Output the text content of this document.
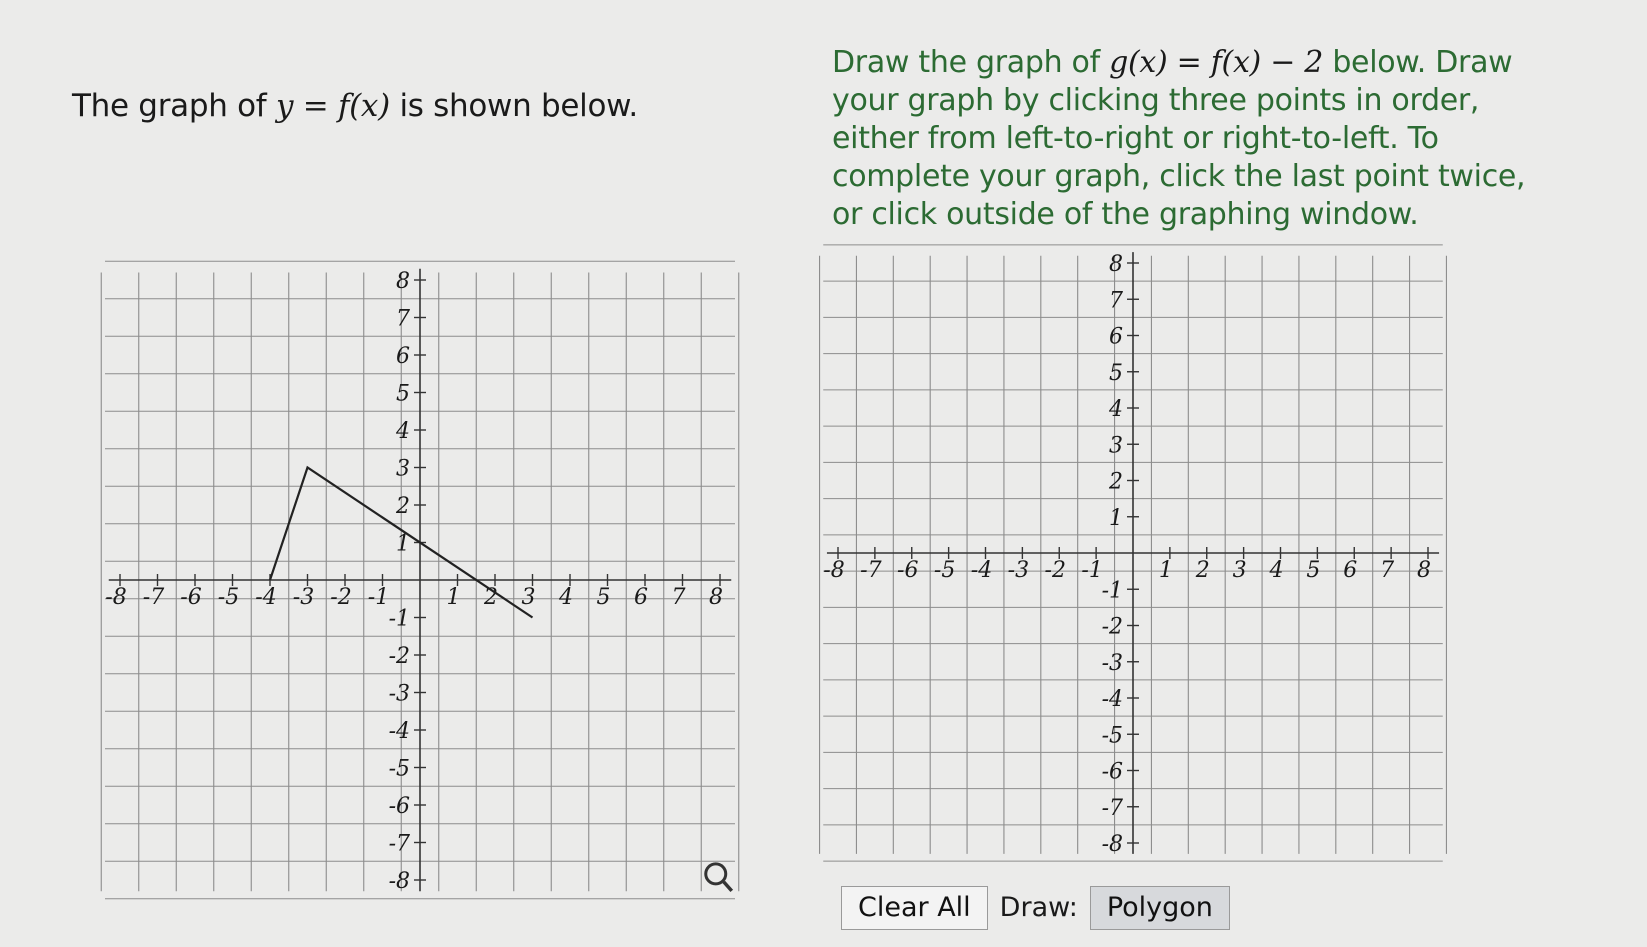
The graph of y = f(x) is shown below.
Draw the graph of g(x) = f(x) − 2 below. Draw your graph by clicking three points in order, either from left-to-right or right-to-left. To complete your graph, click the last point twice, or click outside of the graphing window.
-8 -7 -6 -5 -4 -3 -2 -1	1 2 3 4 5 6 7 8
8
7
6
5
4
3
2
1
-1
-2
-3
-4
-5
-6
-7
-8
-8 -7 -6 -5 -4 -3 -2 -1	1 2 3 4 5 6 7 8
8
7
6
5
4
3
2
1
-1
-2
-3
-4
-5
-6
-7
-8
Clear All	Draw:	Polygon
